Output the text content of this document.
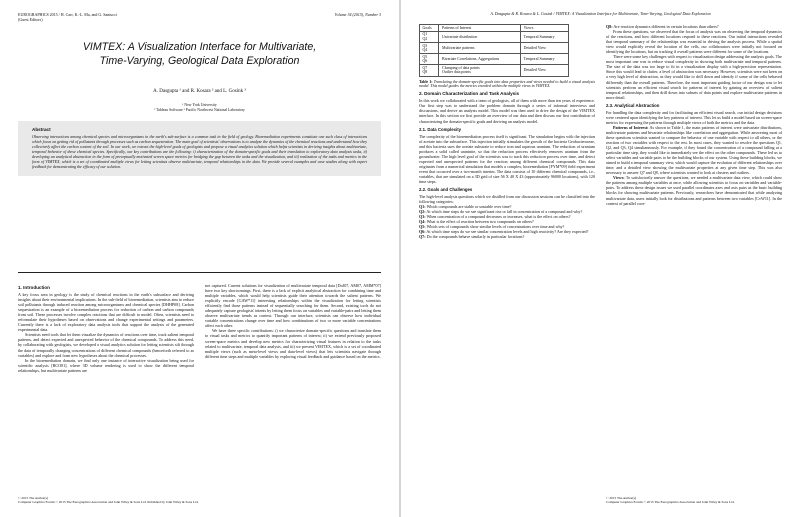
EUROGRAPHICS 2015 / H. Carr, K.-L. Ma, and G. Santucci
(Guest Editors)
Volume 34 (2015), Number 3
VIMTEX: A Visualization Interface for Multivariate,
Time-Varying, Geological Data Exploration
A. Dasgupta ¹ and R. Kosara ² and L. Gosink ³
¹ New York University
² Tableau Software ³ Pacific Northwest National Laboratory
Abstract
Observing interactions among chemical species and microorganisms in the earth's sub-surface is a common task in the field of geology. Bioremediation experiments constitute one such class of interactions which focus on getting rid of pollutants through processes such as carbon sequestration. The main goal of scientists' observations is to analyze the dynamics of the chemical reactions and understand how they collectively affect the carbon content of the soil. In our work, we extract the high-level goals of geologists and propose a visual analytics solution which helps scientists in deriving insights about multivariate, temporal behavior of these chemical species. Specifically, our key contributions are the following: i) characterization of the domain-specific goals and their translation to exploratory data analysis tasks, ii) developing an analytical abstraction in the form of perceptually motivated screen space metrics for bridging the gap between the tasks and the visualization, and iii) realization of the tasks and metrics in the form of VIMTEX, which is a set of coordinated multiple views for letting scientists observe multivariate, temporal relationships in the data. We provide several examples and case studies along with expert feedback for demonstrating the efficacy of our solution.
1. Introduction

A key focus area in geology is the study of chemical reactions in the earth's subsurface and deriving insights about their environmental implications. In the sub-field of bioremediation, scientists aim to reduce soil pollutants through induced reaction among microorganisms and chemical species [DHHP08]. Carbon sequestration is an example of a bioremediation process for reduction of carbon and carbon compounds from soil. These processes involve complex reactions that are difficult to model. Often, scientists need to reformulate their hypotheses based on observations and change experimental settings and parameters. Currently there is a lack of exploratory data analysis tools that support the analysis of the generated experimental data.

Scientists need tools that let them visualize the dynamics of reactions over time, track salient temporal patterns, and detect expected and unexpected behavior of the chemical compounds. To address this need, by collaborating with geologists, we developed a visual analytics solution for letting scientists sift through the data of temporally changing concentrations of different chemical compounds (henceforth referred to as variables) and explore and form new hypotheses about the chemical processes.

In the bioremediation domain, we find only one instance of interactive visualization being used for scientific analysis [BCO01], where 3D volume rendering is used to show the different temporal relationships, but multivariate patterns are

not captured. Current solutions for visualization of multivariate temporal data [DoJ07, AM07, AMM*07] have two key shortcomings. First, there is a lack of explicit analytical abstraction for combining time and multiple variables, which would help scientists guide their attention towards the salient patterns. We explicitly encode [GAW*11] interesting relationships within the visualization for letting scientists efficiently find those patterns instead of sequentially searching for them. Second, existing tools do not adequately capture geologists' intents by letting them focus on variables and variable-pairs and letting them observe multivariate trends as context. Through our interface, scientists can observe how individual variable concentrations change over time and how combinations of two or more variable concentrations affect each other.

We have three specific contributions: i) we characterize domain-specific questions and translate them to visual tasks and metrics to quantify important patterns of interest; ii) we extend previously proposed screen-space metrics and develop new metrics for characterizing visual features in relation to the tasks related to multivariate, temporal data analysis, and iii) we present VIMTEX, which is a set of coordinated multiple views (such as meta-level views and data-level views) that lets scientists navigate through different time steps and multiple variables by exploring visual feedback and guidance based on the metrics.

© 2015 The Author(s)
Computer Graphics Forum © 2015 The Eurographics Association and John Wiley & Sons Ltd. Published by John Wiley & Sons Ltd.
A. Dasgupta & R. Kosara & L. Gosink / VIMTEX: A Visualization Interface for Multivariate, Time-Varying, Geological Data Exploration
Goals	Patterns of Interest	Views

Q1
Q2	Univariate distribution	Temporal Summary

Q3
Q4	Multivariate patterns	Detailed View

Q5
Q6	Bivariate Correlations, Aggregations	Temporal Summary

Q7
Q8	Clumping of data points
Outlier data points	Detailed View
Table 1: Translating the domain-specific goals into data properties and views needed to build a visual analysis model. This model guides the metrics encoded within the multiple views in VIMTEX.
2. Domain Characterization and Task Analysis

In this work we collaborated with a team of geologists, all of them with more than ten years of experience. Our first step was to understand the problem domain through a series of informal interviews and discussions, and derive an analysis model. This model was then used to drive the design of the VIMTEX interface. In this section we first provide an overview of our data and then discuss our first contribution of characterizing the domain-specific goals and deriving an analysis model.

2.1. Data Complexity

The complexity of the bioremediation process itself is significant. The simulation begins with the injection of acetate into the subsurface. This injection initially stimulates the growth of the bacteria Geobacteraceae, and this bacteria uses the acetate substrate to reduce iron and aqueous uranium. The reduction of uranium produces a solid called uraninite, so that the reduction process effectively removes uranium from the groundwater. The high level goal of the scientists was to track this reduction process over time, and detect expected and unexpected patterns for the reaction among different chemical compounds. This data originates from a numerical simulation that models a complex, bioremediation [FYM*09] field experiment event that occurred over a two-month interim. The data consists of 10 different chemical compounds, i.e., variables, that are simulated on a 3D grid of size 56 X 40 X 43 (approximately 96000 locations), with 120 time steps.

2.2. Goals and Challenges

The high-level analysis questions which we distilled from our discussion sessions can be classified into the following categories:

Q1: Which compounds are stable or unstable over time?
Q2: At which time steps do we see significant rise or fall in concentration of a compound and why?
Q3: When concentration of a compound decreases or increases, what is the effect on others?
Q4: What is the effect of reaction between two compounds on others?
Q5: Which sets of compounds show similar levels of concentrations over time and why?
Q6: At which time steps do we see similar concentration levels and high reactivity? Are they expected?
Q7: Do the compounds behave similarly in particular locations?
Q8: Are reaction dynamics different in certain locations than others?

From these questions, we observed that the focus of analysis was on observing the temporal dynamics of the reactions, and how different locations respond to these reactions. Our initial interactions revealed that temporal summary of the relationships was essential in driving the analysis process. While a spatial view would explicitly reveal the location of the cells, our collaborators were initially not focused on identifying the locations, but on tracking if overall patterns were different for some of the locations.

There were some key challenges with respect to visualization design addressing the analysis goals. The most important one was to reduce visual complexity in showing both multivariate and temporal patterns. The size of the data was too large to fit in a visualization display with a high-precision representation. Since this would lead to clutter, a level of abstraction was necessary. However, scientists were not keen on a very high level of abstraction, as they would like to drill down and identify if some of the cells behaved differently than the overall patterns. Therefore, the most important guiding factor of our design was to let scientists perform an efficient visual search for patterns of interest by gaining an overview of salient temporal relationships, and then drill down into subsets of data points and explore multivariate patterns in more detail.

2.3. Analytical Abstraction

For handling the data complexity and for facilitating an efficient visual search, our initial design decisions were centered upon identifying the key patterns of interest. This let us build a model based on screen-space metrics for expressing the patterns through multiple views of both the metrics and the data.

Patterns of Interest: As shown in Table 1, the main patterns of interest were univariate distributions, multivariate patterns and bivariate relationships like correlation and aggregation. While answering most of these questions scientists wanted to compare the behavior of one variable with respect to all others, or the reaction of two variables with respect to the rest. In most cases, they wanted to resolve the questions Q1, Q2, and Q3, Q4 simultaneously. For example, if they found the concentration of a compound falling at a particular time step, they would like to immediately see the effect on the other compounds. These led us to select variables and variable pairs to be the building blocks of our system. Using these building blocks, we aimed to build a temporal summary view, which would capture the evolution of different relationships over time; and a detailed view showing the multivariate properties at any given time step. This was also necessary to answer Q7 and Q8, where scientists wanted to look at clusters and outliers.

Views: To satisfactorily answer the questions, we needed a multivariate data view, which could show the patterns among multiple variables at once, while allowing scientists to focus on variables and variable-pairs. To address these design issues we used parallel coordinates axes and axis pairs as the basic building blocks for showing multivariate patterns. Previously, researchers have demonstrated that while analyzing multivariate data, users initially look for distributions and patterns between two variables [CvW11]. In the context of parallel coor-

© 2015 The Author(s)
Computer Graphics Forum © 2015 The Eurographics Association and John Wiley & Sons Ltd.
